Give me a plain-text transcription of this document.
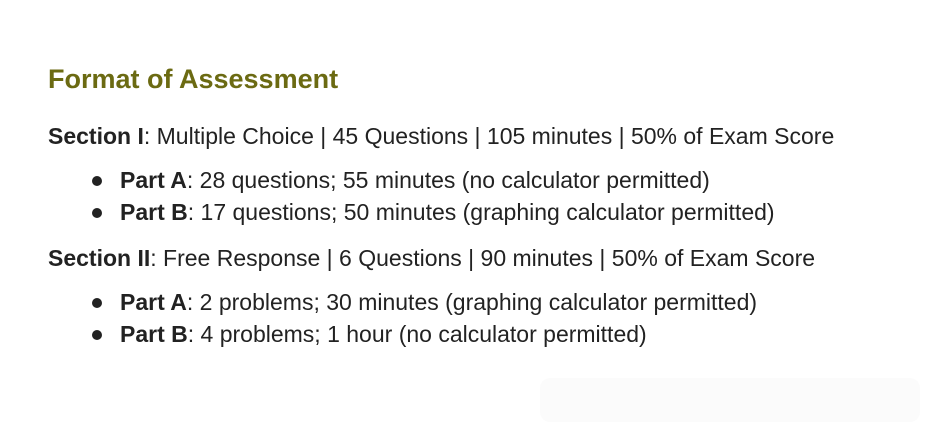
Format of Assessment

Section I: Multiple Choice | 45 Questions | 105 minutes | 50% of Exam Score

Part A: 28 questions; 55 minutes (no calculator permitted)
Part B: 17 questions; 50 minutes (graphing calculator permitted)

Section II: Free Response | 6 Questions | 90 minutes | 50% of Exam Score

Part A: 2 problems; 30 minutes (graphing calculator permitted)
Part B: 4 problems; 1 hour (no calculator permitted)
